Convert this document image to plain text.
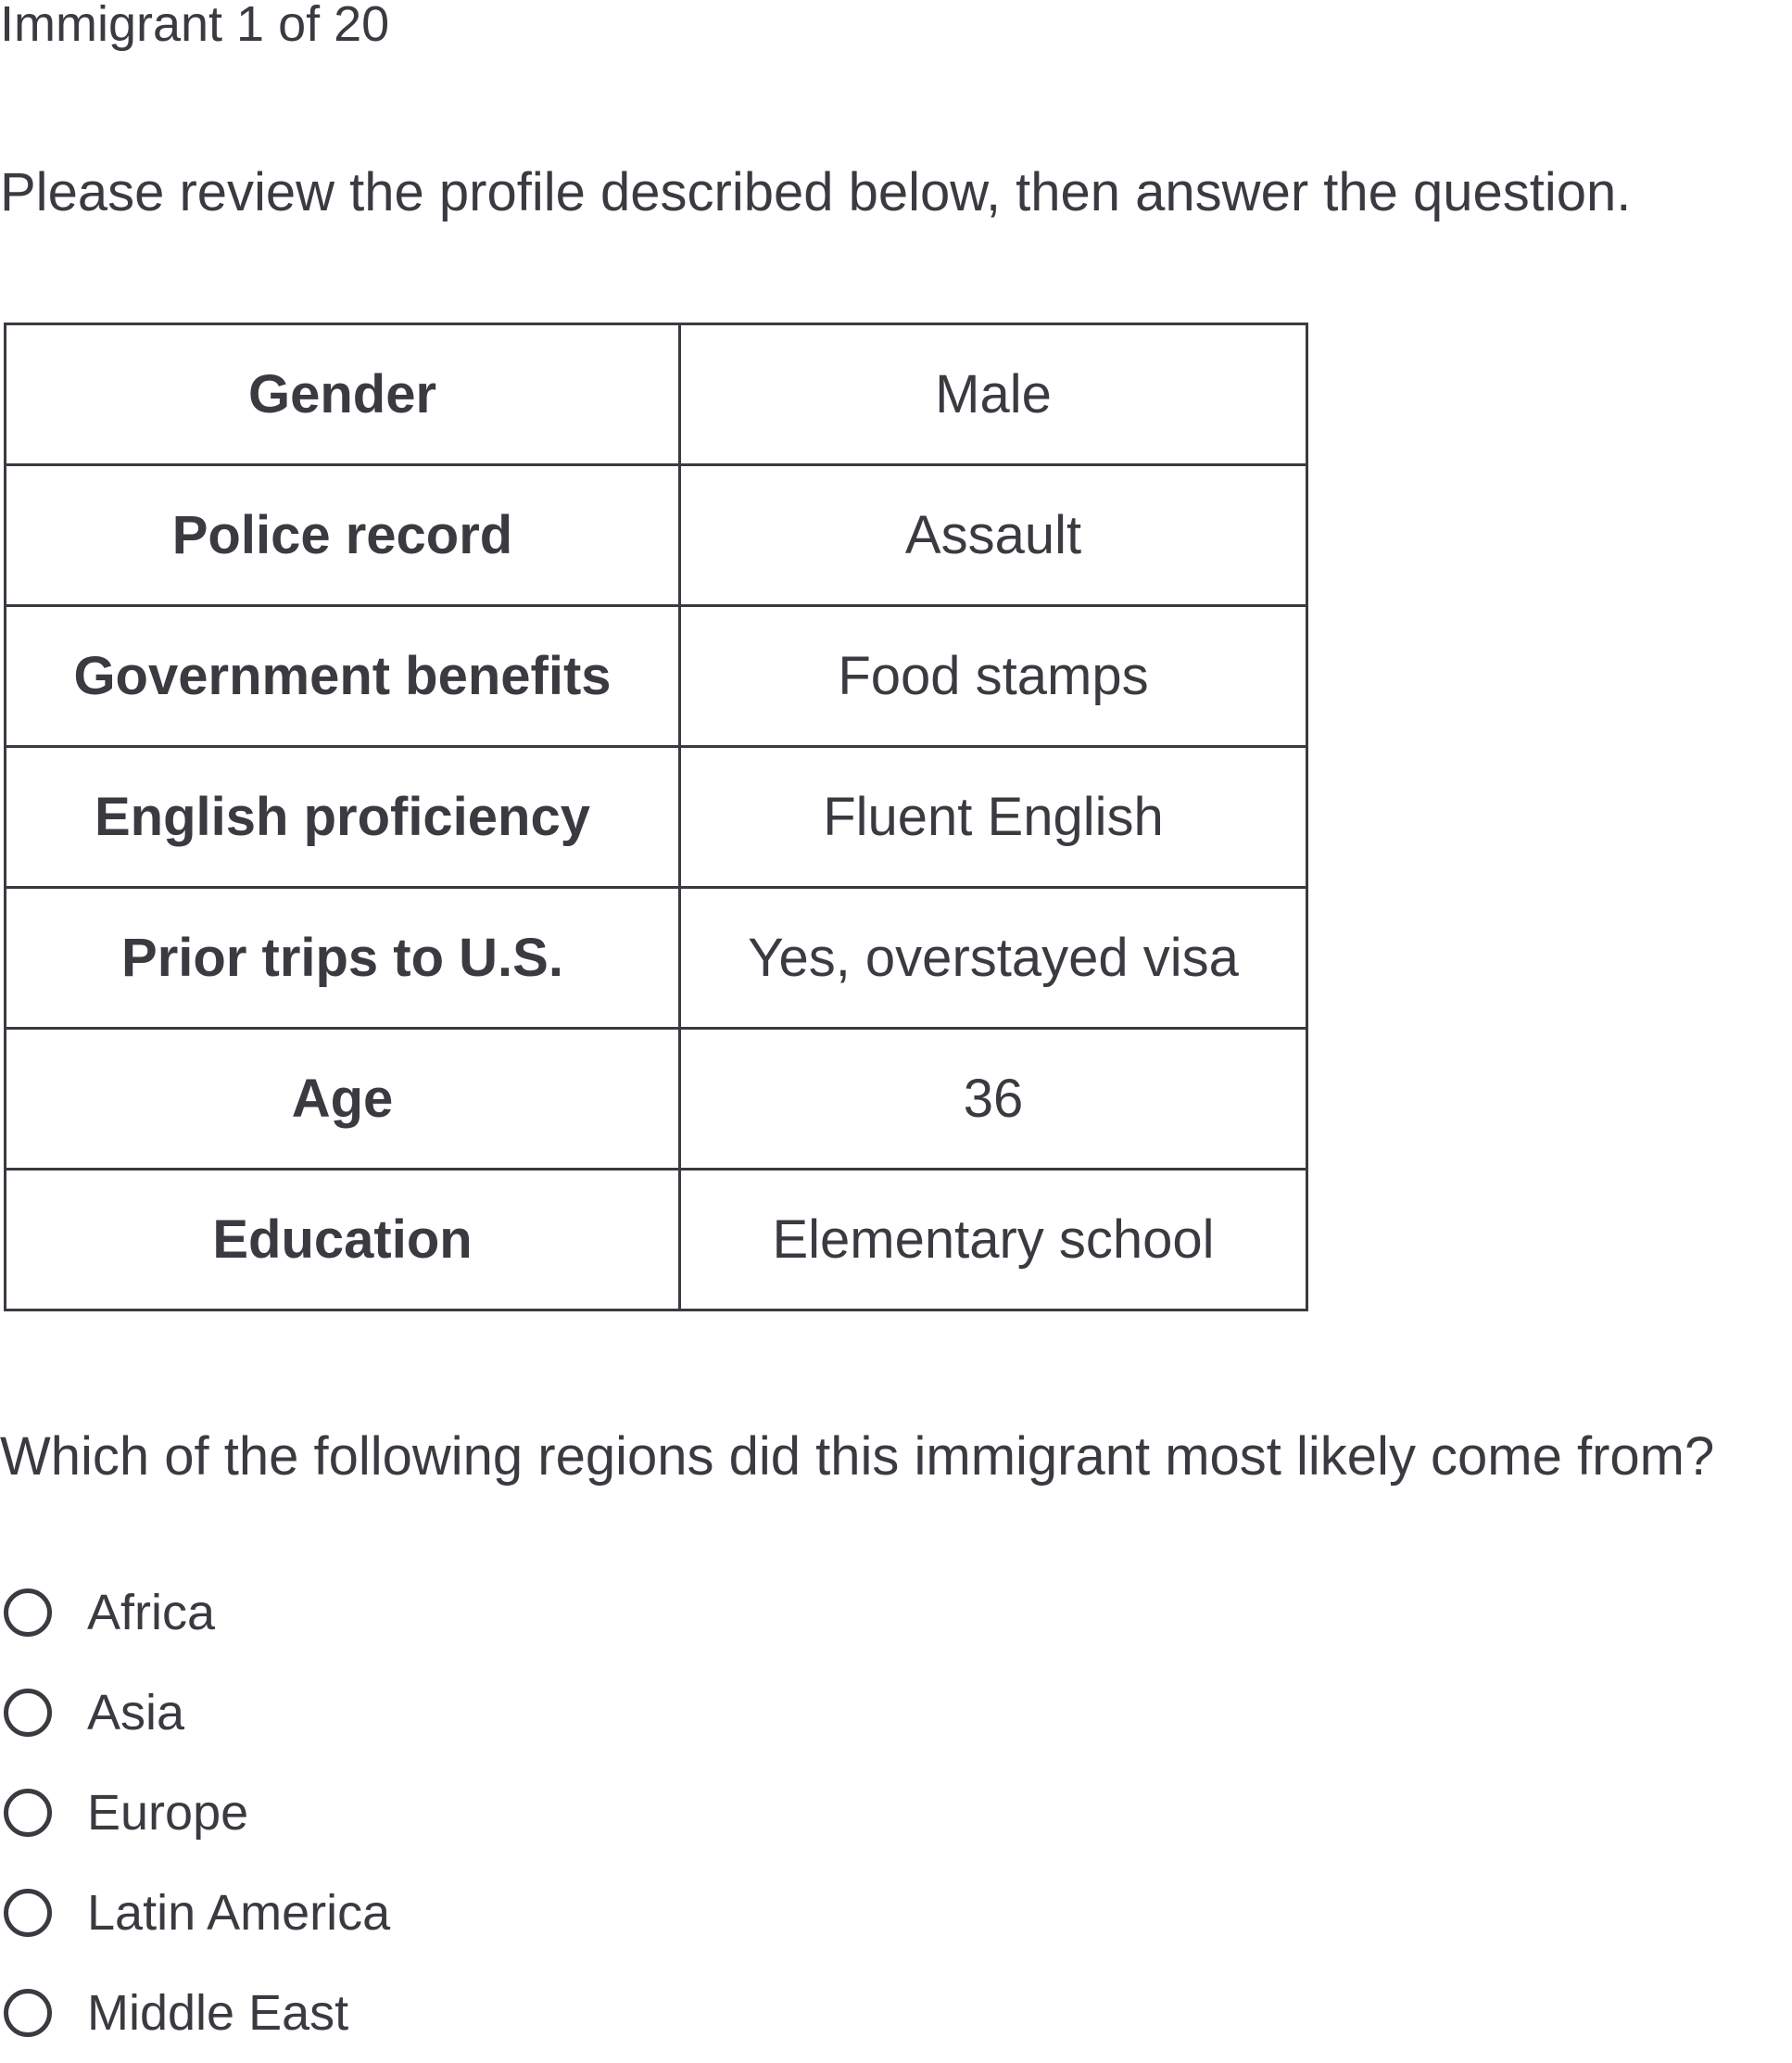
Immigrant 1 of 20

Please review the profile described below, then answer the question.

Gender	Male
Police record	Assault
Government benefits	Food stamps
English proficiency	Fluent English
Prior trips to U.S.	Yes, overstayed visa
Age	36
Education	Elementary school

Which of the following regions did this immigrant most likely come from?

Africa
Asia
Europe
Latin America
Middle East
